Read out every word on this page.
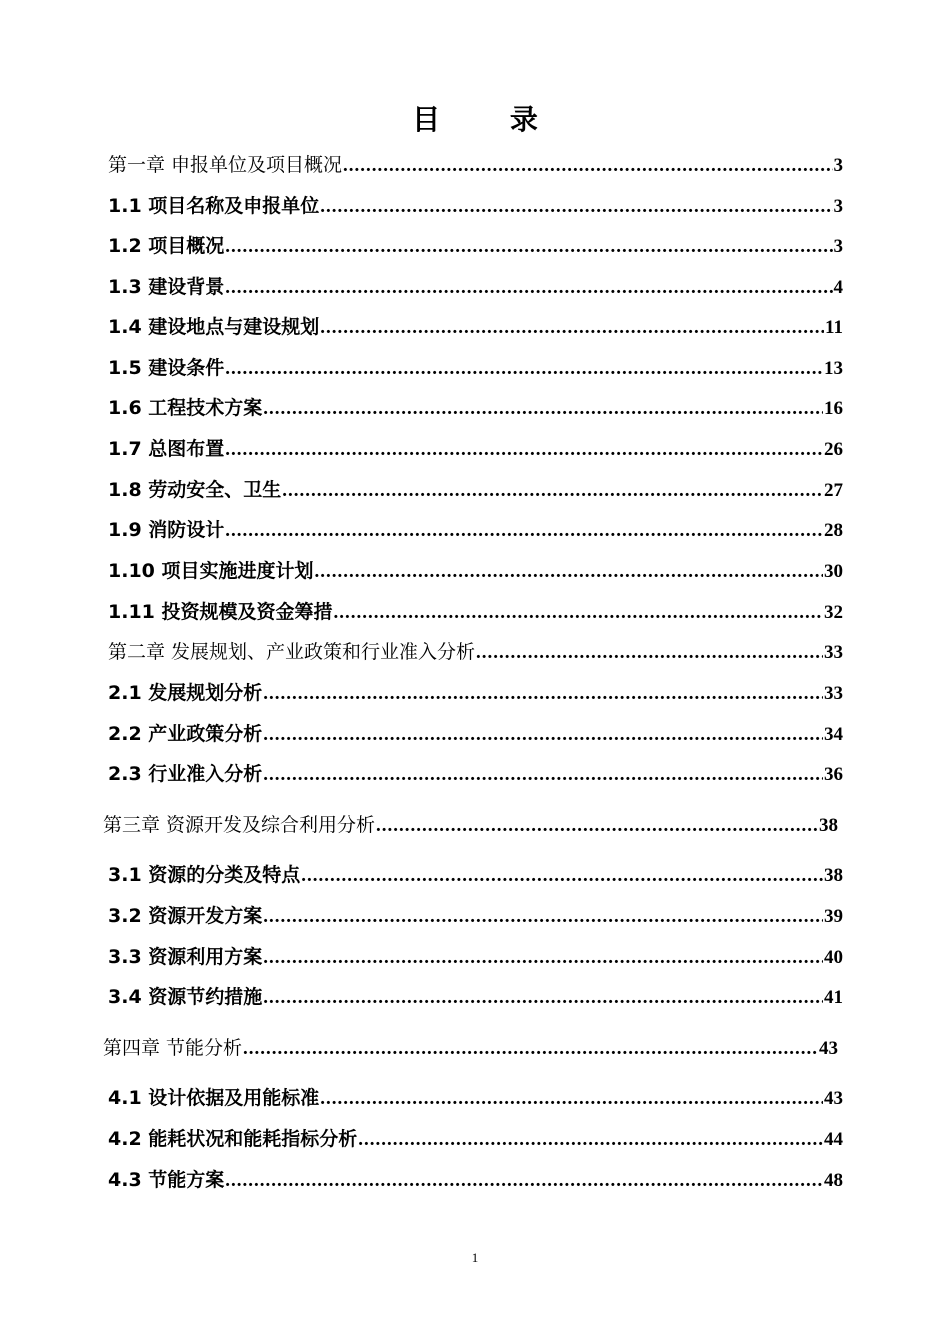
目 录
第一章 申报单位及项目概况 .....	3
1.1 项目名称及申报单位 .....	3
1.2 项目概况 .....	3
1.3 建设背景 .....	4
1.4 建设地点与建设规划 .....	11
1.5 建设条件 .....	13
1.6 工程技术方案 .....	16
1.7 总图布置 .....	26
1.8 劳动安全、卫生 .....	27
1.9 消防设计 .....	28
1.10 项目实施进度计划 .....	30
1.11 投资规模及资金筹措 .....	32
第二章 发展规划、产业政策和行业准入分析 .....	33
2.1 发展规划分析 .....	33
2.2 产业政策分析 .....	34
2.3 行业准入分析 .....	36
第三章 资源开发及综合利用分析 .....	38
3.1 资源的分类及特点 .....	38
3.2 资源开发方案 .....	39
3.3 资源利用方案 .....	40
3.4 资源节约措施 .....	41
第四章 节能分析 .....	43
4.1 设计依据及用能标准 .....	43
4.2 能耗状况和能耗指标分析 .....	44
4.3 节能方案 .....	48
1
